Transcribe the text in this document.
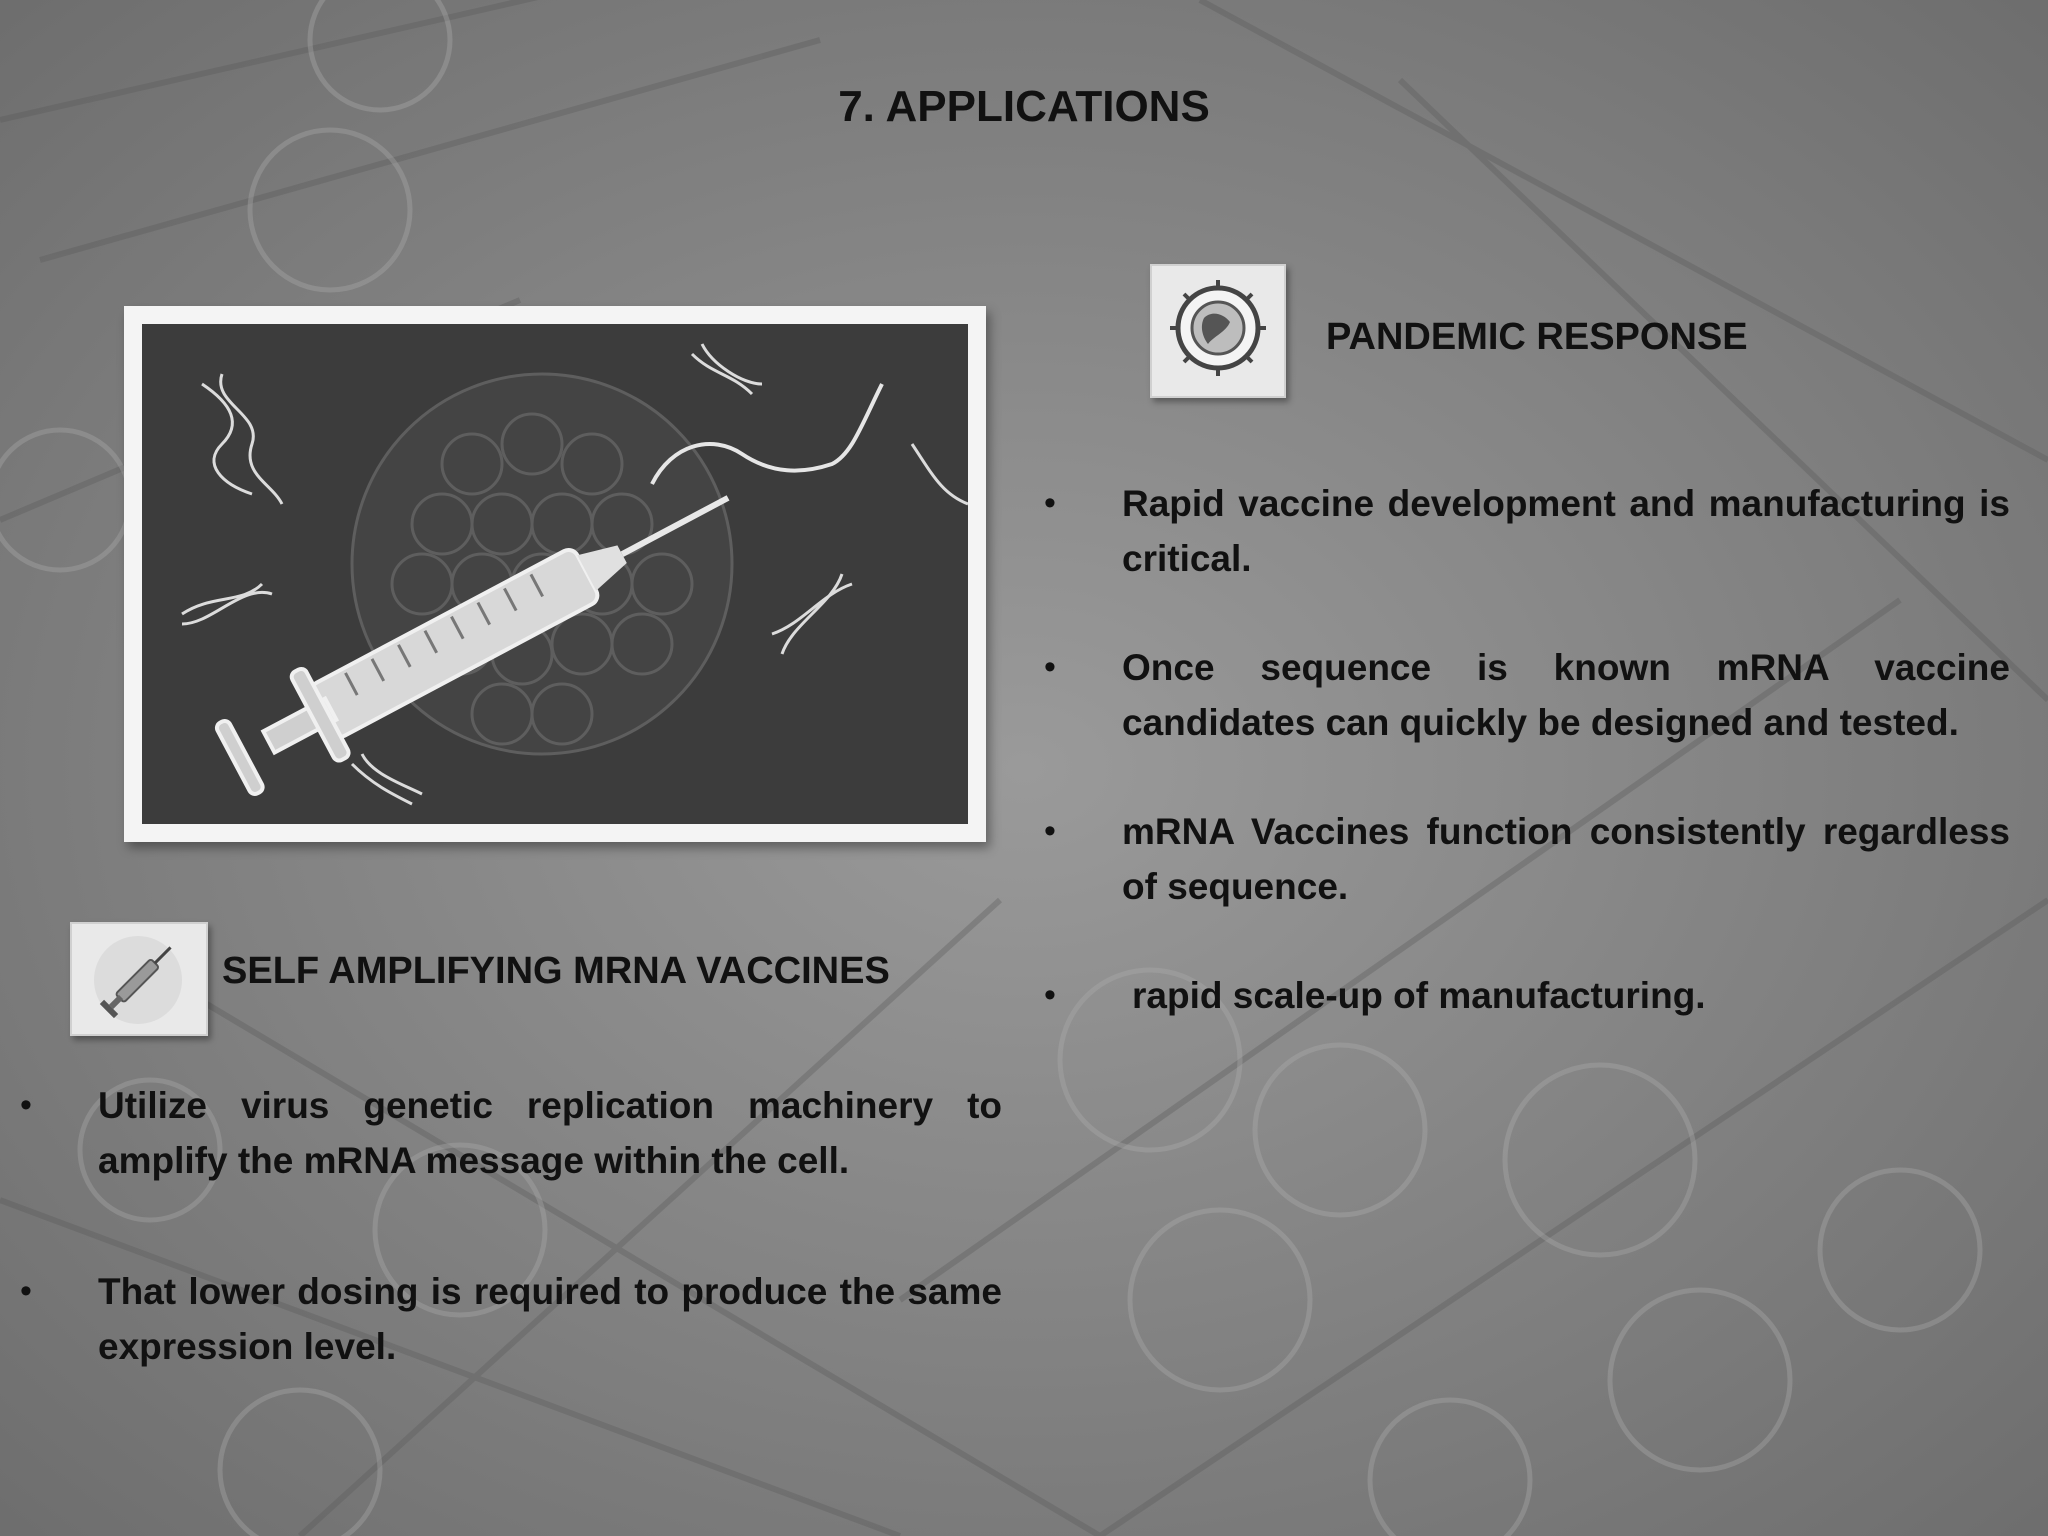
7. APPLICATIONS
PANDEMIC RESPONSE
• Rapid vaccine development and manufacturing is critical.
• Once sequence is known mRNA vaccine candidates can quickly be designed and tested.
• mRNA Vaccines function consistently regardless of sequence.
• rapid scale-up of manufacturing.
SELF AMPLIFYING MRNA VACCINES
• Utilize virus genetic replication machinery to amplify the mRNA message within the cell.
• That lower dosing is required to produce the same expression level.
